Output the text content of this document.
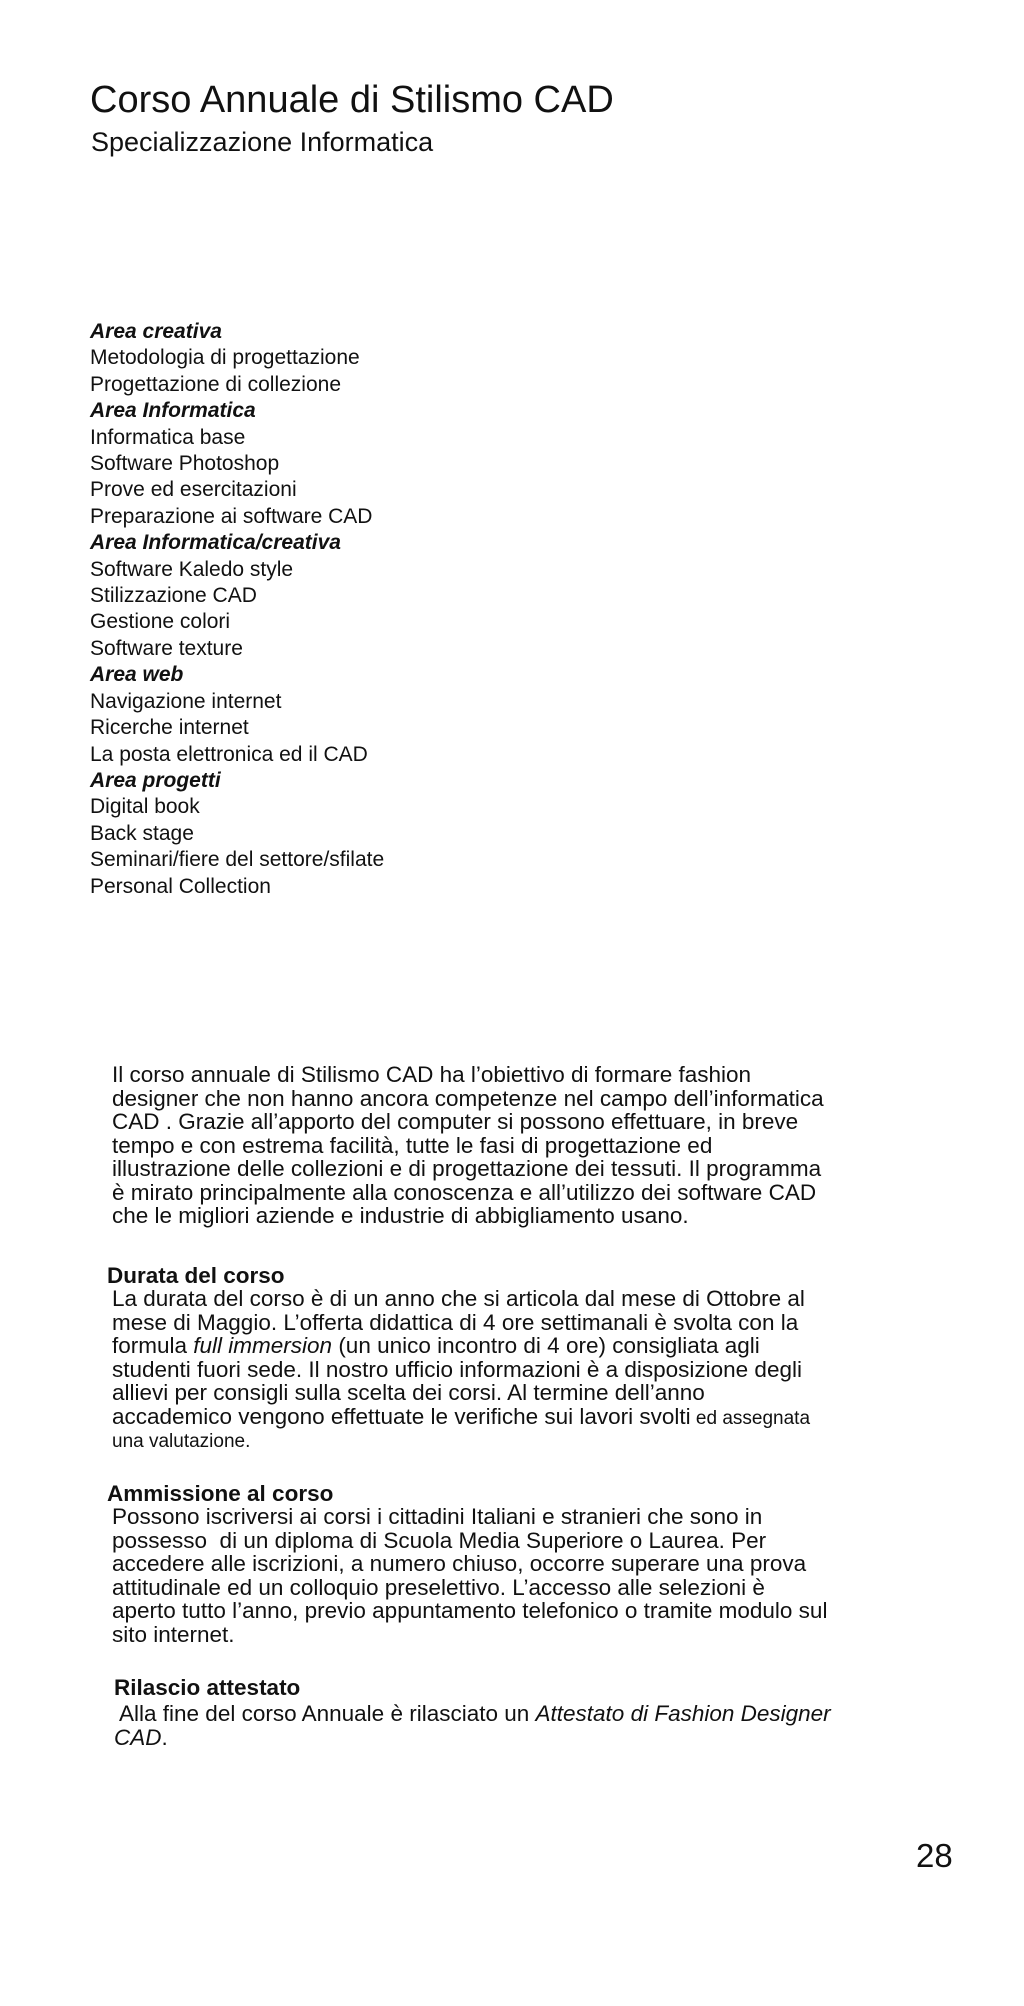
Corso Annuale di Stilismo CAD
Specializzazione Informatica
Area creativa
Metodologia di progettazione
Progettazione di collezione
Area Informatica
Informatica base
Software Photoshop
Prove ed esercitazioni
Preparazione ai software CAD
Area Informatica/creativa
Software Kaledo style
Stilizzazione CAD
Gestione colori
Software texture
Area web
Navigazione internet
Ricerche internet
La posta elettronica ed il CAD
Area progetti
Digital book
Back stage
Seminari/fiere del settore/sfilate
Personal Collection
Il corso annuale di Stilismo CAD ha l’obiettivo di formare fashion
designer che non hanno ancora competenze nel campo dell’informatica
CAD . Grazie all’apporto del computer si possono effettuare, in breve
tempo e con estrema facilità, tutte le fasi di progettazione ed
illustrazione delle collezioni e di progettazione dei tessuti. Il programma
è mirato principalmente alla conoscenza e all’utilizzo dei software CAD
che le migliori aziende e industrie di abbigliamento usano.
Durata del corso
La durata del corso è di un anno che si articola dal mese di Ottobre al
mese di Maggio. L’offerta didattica di 4 ore settimanali è svolta con la
formula full immersion (un unico incontro di 4 ore) consigliata agli
studenti fuori sede. Il nostro ufficio informazioni è a disposizione degli
allievi per consigli sulla scelta dei corsi. Al termine dell’anno
accademico vengono effettuate le verifiche sui lavori svolti ed assegnata
una valutazione.
Ammissione al corso
Possono iscriversi ai corsi i cittadini Italiani e stranieri che sono in
possesso  di un diploma di Scuola Media Superiore o Laurea. Per
accedere alle iscrizioni, a numero chiuso, occorre superare una prova
attitudinale ed un colloquio preselettivo. L’accesso alle selezioni è
aperto tutto l’anno, previo appuntamento telefonico o tramite modulo sul
sito internet.
Rilascio attestato
Alla fine del corso Annuale è rilasciato un Attestato di Fashion Designer
CAD.
28
